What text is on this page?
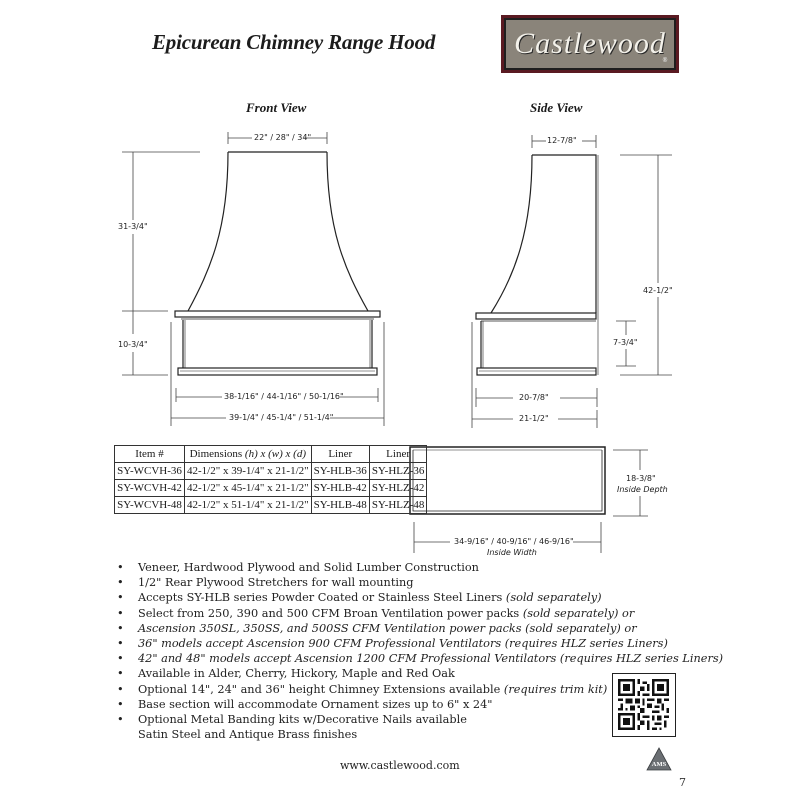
Epicurean Chimney Range Hood	Castlewood
®
Front View	Side View
22" / 28" / 34"
31-3/4"
10-3/4"
38-1/16" / 44-1/16" / 50-1/16"
39-1/4" / 45-1/4" / 51-1/4"
12-7/8"
42-1/2"
7-3/4"
20-7/8"
21-1/2"
18-3/8"
Inside Depth
34-9/16" / 40-9/16" / 46-9/16"
Inside Width
Item #	Dimensions (h) x (w) x (d)	Liner	Liner
SY-WCVH-36	42-1/2" x 39-1/4" x 21-1/2"	SY-HLB-36	SY-HLZ-36
SY-WCVH-42	42-1/2" x 45-1/4" x 21-1/2"	SY-HLB-42	SY-HLZ-42
SY-WCVH-48	42-1/2" x 51-1/4" x 21-1/2"	SY-HLB-48	SY-HLZ-48
• Veneer, Hardwood Plywood and Solid Lumber Construction
• 1/2" Rear Plywood Stretchers for wall mounting
• Accepts SY-HLB series Powder Coated or Stainless Steel Liners (sold separately)
• Select from 250, 390 and 500 CFM Broan Ventilation power packs (sold separately) or
• Ascension 350SL, 350SS, and 500SS CFM Ventilation power packs (sold separately) or
• 36" models accept Ascension 900 CFM Professional Ventilators (requires HLZ series Liners)
• 42" and 48" models accept Ascension 1200 CFM Professional Ventilators (requires HLZ series Liners)
• Available in Alder, Cherry, Hickory, Maple and Red Oak
• Optional 14", 24" and 36" height Chimney Extensions available (requires trim kit)
• Base section will accommodate Ornament sizes up to 6" x 24"
• Optional Metal Banding kits w/Decorative Nails available
Satin Steel and Antique Brass finishes
www.castlewood.com	AMS
7
